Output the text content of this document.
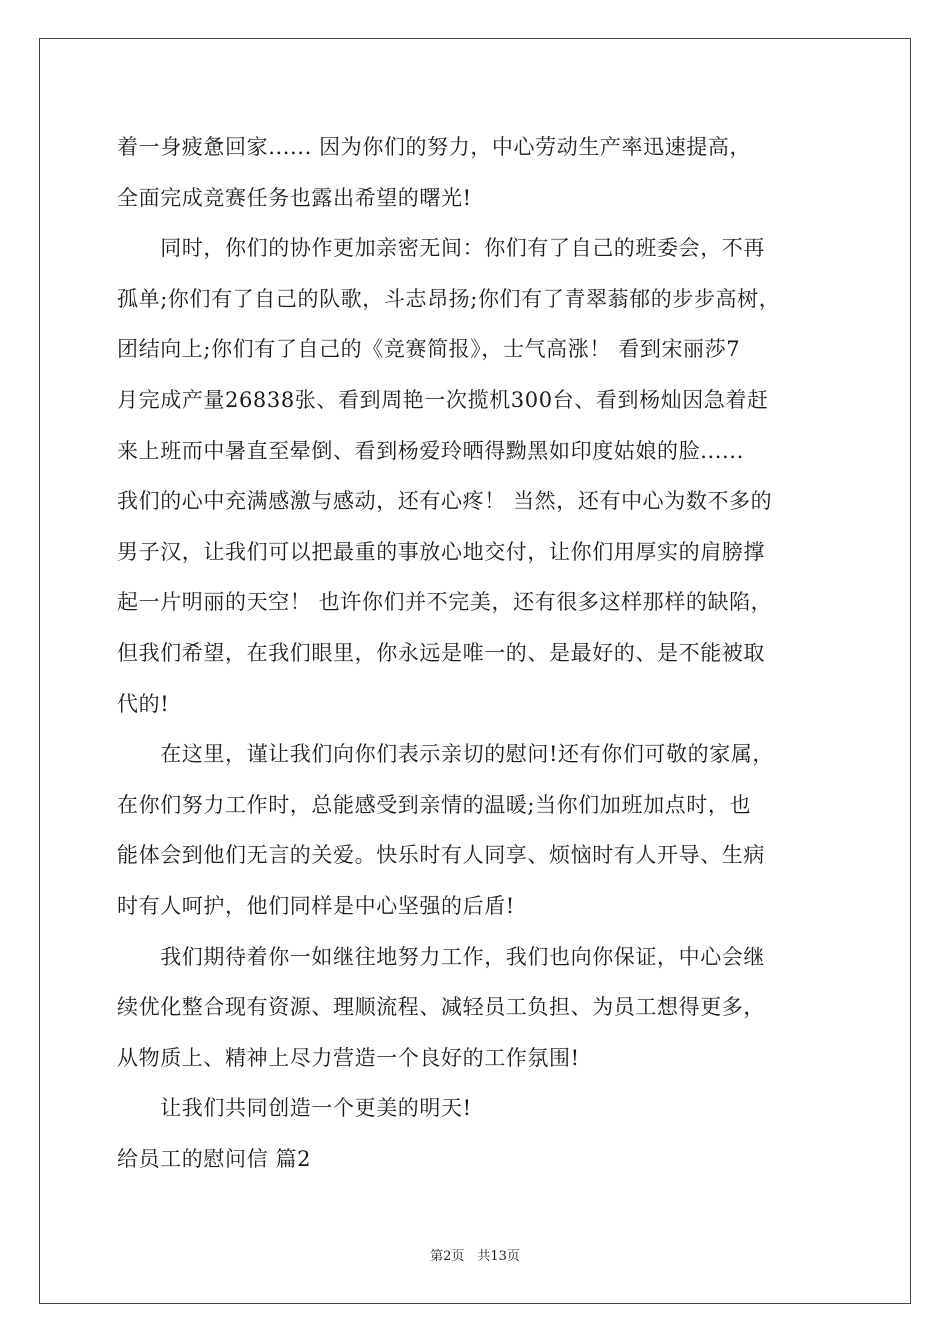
着一身疲惫回家...... 因为你们的努力，中心劳动生产率迅速提高，
全面完成竞赛任务也露出希望的曙光!
　　同时，你们的协作更加亲密无间：你们有了自己的班委会，不再
孤单;你们有了自己的队歌，斗志昂扬;你们有了青翠蓊郁的步步高树，
团结向上;你们有了自己的《竞赛简报》，士气高涨！ 看到宋丽莎7
月完成产量26838张、看到周艳一次揽机300台、看到杨灿因急着赶
来上班而中暑直至晕倒、看到杨爱玲晒得黝黑如印度姑娘的脸......
我们的心中充满感激与感动，还有心疼！ 当然，还有中心为数不多的
男子汉，让我们可以把最重的事放心地交付，让你们用厚实的肩膀撑
起一片明丽的天空！ 也许你们并不完美，还有很多这样那样的缺陷，
但我们希望，在我们眼里，你永远是唯一的、是最好的、是不能被取
代的!
　　在这里，谨让我们向你们表示亲切的慰问!还有你们可敬的家属，
在你们努力工作时，总能感受到亲情的温暖;当你们加班加点时，也
能体会到他们无言的关爱。快乐时有人同享、烦恼时有人开导、生病
时有人呵护，他们同样是中心坚强的后盾!
　　我们期待着你一如继往地努力工作，我们也向你保证，中心会继
续优化整合现有资源、理顺流程、减轻员工负担、为员工想得更多，
从物质上、精神上尽力营造一个良好的工作氛围!
　　让我们共同创造一个更美的明天!
给员工的慰问信 篇2
第2页　共13页
